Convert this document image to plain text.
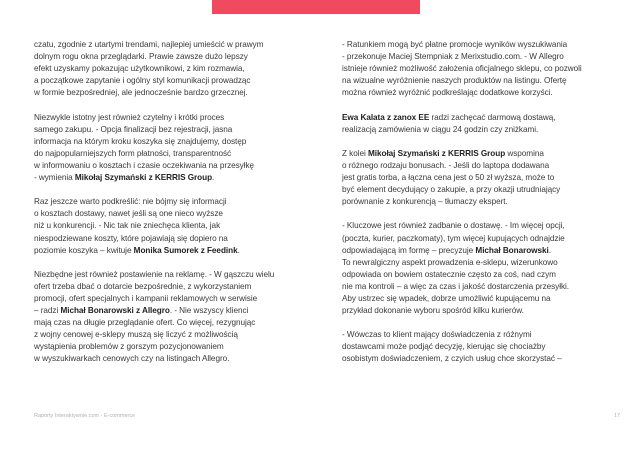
czatu, zgodnie z utartymi trendami, najlepiej umieścić w prawym
dolnym rogu okna przeglądarki. Prawie zawsze dużo lepszy
efekt uzyskamy pokazując użytkownikowi, z kim rozmawia,
a początkowe zapytanie i ogólny styl komunikacji prowadząc
w formie bezpośredniej, ale jednocześnie bardzo grzecznej.
Niezwykle istotny jest również czytelny i krótki proces
samego zakupu. - Opcja finalizacji bez rejestracji, jasna
informacja na którym kroku koszyka się znajdujemy, dostęp
do najpopularniejszych form płatności, transparentność
w informowaniu o kosztach i czasie oczekiwania na przesyłkę
- wymienia Mikołaj Szymański z KERRIS Group.
Raz jeszcze warto podkreślić: nie bójmy się informacji
o kosztach dostawy, nawet jeśli są one nieco wyższe
niż u konkurencji. - Nic tak nie zniechęca klienta, jak
niespodziewane koszty, które pojawiają się dopiero na
poziomie koszyka – kwituje Monika Sumorek z Feedink.
Niezbędne jest również postawienie na reklamę. - W gąszczu wielu
ofert trzeba dbać o dotarcie bezpośrednie, z wykorzystaniem
promocji, ofert specjalnych i kampanii reklamowych w serwisie
– radzi Michał Bonarowski z Allegro. - Nie wszyscy klienci
mają czas na długie przeglądanie ofert. Co więcej, rezygnując
z wojny cenowej e-sklepy muszą się liczyć z możliwością
wystąpienia problemów z gorszym pozycjonowaniem
w wyszukiwarkach cenowych czy na listingach Allegro.
- Ratunkiem mogą być płatne promocje wyników wyszukiwania
- przekonuje Maciej Stempniak z Merixstudio.com. - W Allegro
istnieje również możliwość założenia oficjalnego sklepu, co pozwoli
na wizualne wyróżnienie naszych produktów na listingu. Ofertę
można również wyróżnić podkreślając dodatkowe korzyści.
Ewa Kalata z zanox EE radzi zachęcać darmową dostawą,
realizacją zamówienia w ciągu 24 godzin czy zniżkami.
Z kolei Mikołaj Szymański z KERRIS Group wspomina
o różnego rodzaju bonusach. - Jeśli do laptopa dodawana
jest gratis torba, a łączna cena jest o 50 zł wyższa, może to
być element decydujący o zakupie, a przy okazji utrudniający
porównanie z konkurencją – tłumaczy ekspert.
- Kluczowe jest również zadbanie o dostawę. - Im więcej opcji,
(poczta, kurier, paczkomaty), tym więcej kupujących odnajdzie
odpowiadającą im formę – precyzuje Michał Bonarowski.
To newralgiczny aspekt prowadzenia e-sklepu, wizerunkowo
odpowiada on bowiem ostatecznie często za coś, nad czym
nie ma kontroli – a więc za czas i jakość dostarczenia przesyłki.
Aby ustrzec się wpadek, dobrze umożliwić kupującemu na
przykład dokonanie wyboru spośród kilku kurierów.
- Wówczas to klient mający doświadczenia z różnymi
dostawcami może podjąć decyzję, kierując się chociażby
osobistym doświadczeniem, z czyich usług chce skorzystać –
Raporty Interaktywnie.com - E-commerce	17
